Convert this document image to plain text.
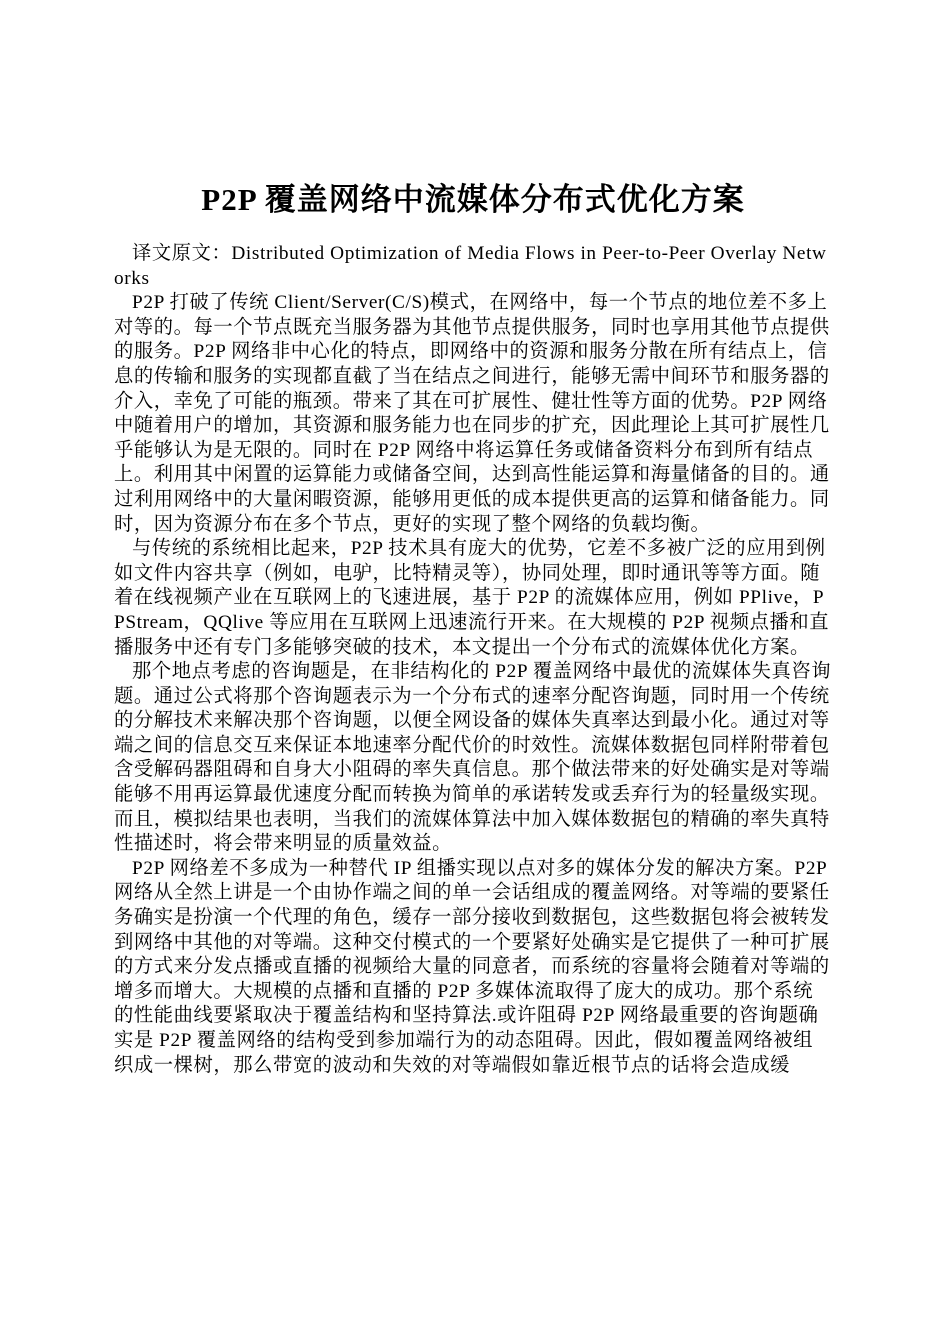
P2P 覆盖网络中流媒体分布式优化方案

译文原文：Distributed Optimization of Media Flows in Peer-to-Peer Overlay Networks

P2P 打破了传统 Client/Server(C/S)模式，在网络中，每一个节点的地位差不多上对等的。每一个节点既充当服务器为其他节点提供服务，同时也享用其他节点提供的服务。P2P 网络非中心化的特点，即网络中的资源和服务分散在所有结点上，信息的传输和服务的实现都直截了当在结点之间进行，能够无需中间环节和服务器的介入，幸免了可能的瓶颈。带来了其在可扩展性、健壮性等方面的优势。P2P 网络中随着用户的增加，其资源和服务能力也在同步的扩充，因此理论上其可扩展性几乎能够认为是无限的。同时在 P2P 网络中将运算任务或储备资料分布到所有结点上。利用其中闲置的运算能力或储备空间，达到高性能运算和海量储备的目的。通过利用网络中的大量闲暇资源，能够用更低的成本提供更高的运算和储备能力。同时，因为资源分布在多个节点，更好的实现了整个网络的负载均衡。

与传统的系统相比起来，P2P 技术具有庞大的优势，它差不多被广泛的应用到例如文件内容共享（例如，电驴，比特精灵等），协同处理，即时通讯等等方面。随着在线视频产业在互联网上的飞速进展，基于 P2P 的流媒体应用，例如 PPlive，PPStream，QQlive 等应用在互联网上迅速流行开来。在大规模的 P2P 视频点播和直播服务中还有专门多能够突破的技术，本文提出一个分布式的流媒体优化方案。

那个地点考虑的咨询题是，在非结构化的 P2P 覆盖网络中最优的流媒体失真咨询题。通过公式将那个咨询题表示为一个分布式的速率分配咨询题，同时用一个传统的分解技术来解决那个咨询题，以便全网设备的媒体失真率达到最小化。通过对等端之间的信息交互来保证本地速率分配代价的时效性。流媒体数据包同样附带着包含受解码器阻碍和自身大小阻碍的率失真信息。那个做法带来的好处确实是对等端能够不用再运算最优速度分配而转换为简单的承诺转发或丢弃行为的轻量级实现。而且，模拟结果也表明，当我们的流媒体算法中加入媒体数据包的精确的率失真特性描述时，将会带来明显的质量效益。

P2P 网络差不多成为一种替代 IP 组播实现以点对多的媒体分发的解决方案。P2P 网络从全然上讲是一个由协作端之间的单一会话组成的覆盖网络。对等端的要紧任务确实是扮演一个代理的角色，缓存一部分接收到数据包，这些数据包将会被转发到网络中其他的对等端。这种交付模式的一个要紧好处确实是它提供了一种可扩展的方式来分发点播或直播的视频给大量的同意者，而系统的容量将会随着对等端的增多而增大。大规模的点播和直播的 P2P 多媒体流取得了庞大的成功。那个系统的性能曲线要紧取决于覆盖结构和坚持算法.或许阻碍 P2P 网络最重要的咨询题确实是 P2P 覆盖网络的结构受到参加端行为的动态阻碍。因此，假如覆盖网络被组织成一棵树，那么带宽的波动和失效的对等端假如靠近根节点的话将会造成缓
